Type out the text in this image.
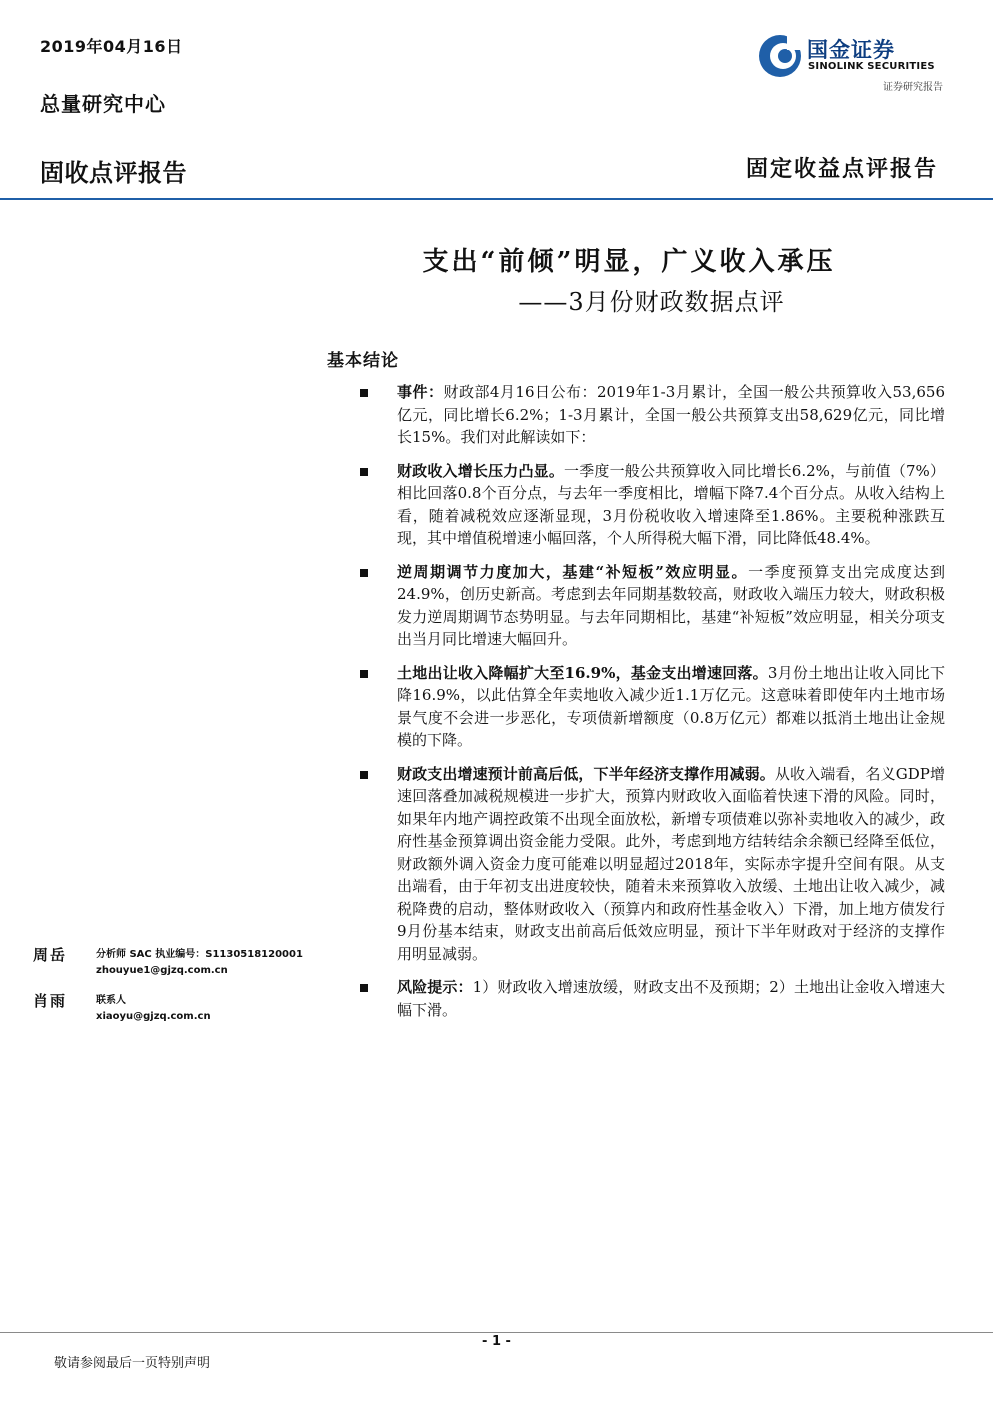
2019年04月16日
总量研究中心
固收点评报告	固定收益点评报告
国金证券
SINOLINK SECURITIES
证券研究报告
支出“前倾”明显，广义收入承压
——3月份财政数据点评
基本结论
事件：财政部4月16日公布：2019年1-3月累计，全国一般公共预算收入53,656亿元，同比增长6.2%；1-3月累计，全国一般公共预算支出58,629亿元，同比增长15%。我们对此解读如下：
财政收入增长压力凸显。一季度一般公共预算收入同比增长6.2%，与前值（7%）相比回落0.8个百分点，与去年一季度相比，增幅下降7.4个百分点。从收入结构上看，随着减税效应逐渐显现，3月份税收收入增速降至1.86%。主要税种涨跌互现，其中增值税增速小幅回落，个人所得税大幅下滑，同比降低48.4%。
逆周期调节力度加大，基建“补短板”效应明显。一季度预算支出完成度达到24.9%，创历史新高。考虑到去年同期基数较高，财政收入端压力较大，财政积极发力逆周期调节态势明显。与去年同期相比，基建“补短板”效应明显，相关分项支出当月同比增速大幅回升。
土地出让收入降幅扩大至16.9%，基金支出增速回落。3月份土地出让收入同比下降16.9%，以此估算全年卖地收入减少近1.1万亿元。这意味着即使年内土地市场景气度不会进一步恶化，专项债新增额度（0.8万亿元）都难以抵消土地出让金规模的下降。
财政支出增速预计前高后低，下半年经济支撑作用减弱。从收入端看，名义GDP增速回落叠加减税规模进一步扩大，预算内财政收入面临着快速下滑的风险。同时，如果年内地产调控政策不出现全面放松，新增专项债难以弥补卖地收入的减少，政府性基金预算调出资金能力受限。此外，考虑到地方结转结余余额已经降至低位，财政额外调入资金力度可能难以明显超过2018年，实际赤字提升空间有限。从支出端看，由于年初支出进度较快，随着未来预算收入放缓、土地出让收入减少，减税降费的启动，整体财政收入（预算内和政府性基金收入）下滑，加上地方债发行9月份基本结束，财政支出前高后低效应明显，预计下半年财政对于经济的支撑作用明显减弱。
风险提示：1）财政收入增速放缓，财政支出不及预期；2）土地出让金收入增速大幅下滑。
周岳	分析师 SAC 执业编号：S1130518120001
zhouyue1@gjzq.com.cn
肖雨	联系人
xiaoyu@gjzq.com.cn
- 1 -
敬请参阅最后一页特别声明
